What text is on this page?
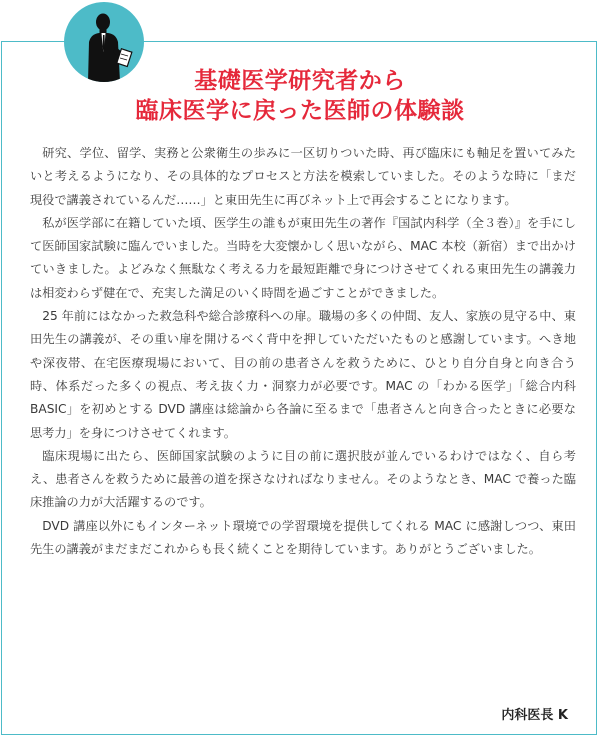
基礎医学研究者から
臨床医学に戻った医師の体験談

研究、学位、留学、実務と公衆衛生の歩みに一区切りついた時、再び臨床にも軸足を置いてみたいと考えるようになり、その具体的なプロセスと方法を模索していました。そのような時に「まだ現役で講義されているんだ……」と東田先生に再びネット上で再会することになります。

私が医学部に在籍していた頃、医学生の誰もが東田先生の著作『国試内科学（全３巻）』を手にして医師国家試験に臨んでいました。当時を大変懐かしく思いながら、MAC 本校（新宿）まで出かけていきました。よどみなく無駄なく考える力を最短距離で身につけさせてくれる東田先生の講義力は相変わらず健在で、充実した満足のいく時間を過ごすことができました。

25 年前にはなかった救急科や総合診療科への扉。職場の多くの仲間、友人、家族の見守る中、東田先生の講義が、その重い扉を開けるべく背中を押していただいたものと感謝しています。へき地や深夜帯、在宅医療現場において、目の前の患者さんを救うために、ひとり自分自身と向き合う時、体系だった多くの視点、考え抜く力・洞察力が必要です。MAC の「わかる医学」「総合内科 BASIC」を初めとする DVD 講座は総論から各論に至るまで「患者さんと向き合ったときに必要な思考力」を身につけさせてくれます。

臨床現場に出たら、医師国家試験のように目の前に選択肢が並んでいるわけではなく、自ら考え、患者さんを救うために最善の道を探さなければなりません。そのようなとき、MAC で養った臨床推論の力が大活躍するのです。

DVD 講座以外にもインターネット環境での学習環境を提供してくれる MAC に感謝しつつ、東田先生の講義がまだまだこれからも長く続くことを期待しています。ありがとうございました。

内科医長 K
